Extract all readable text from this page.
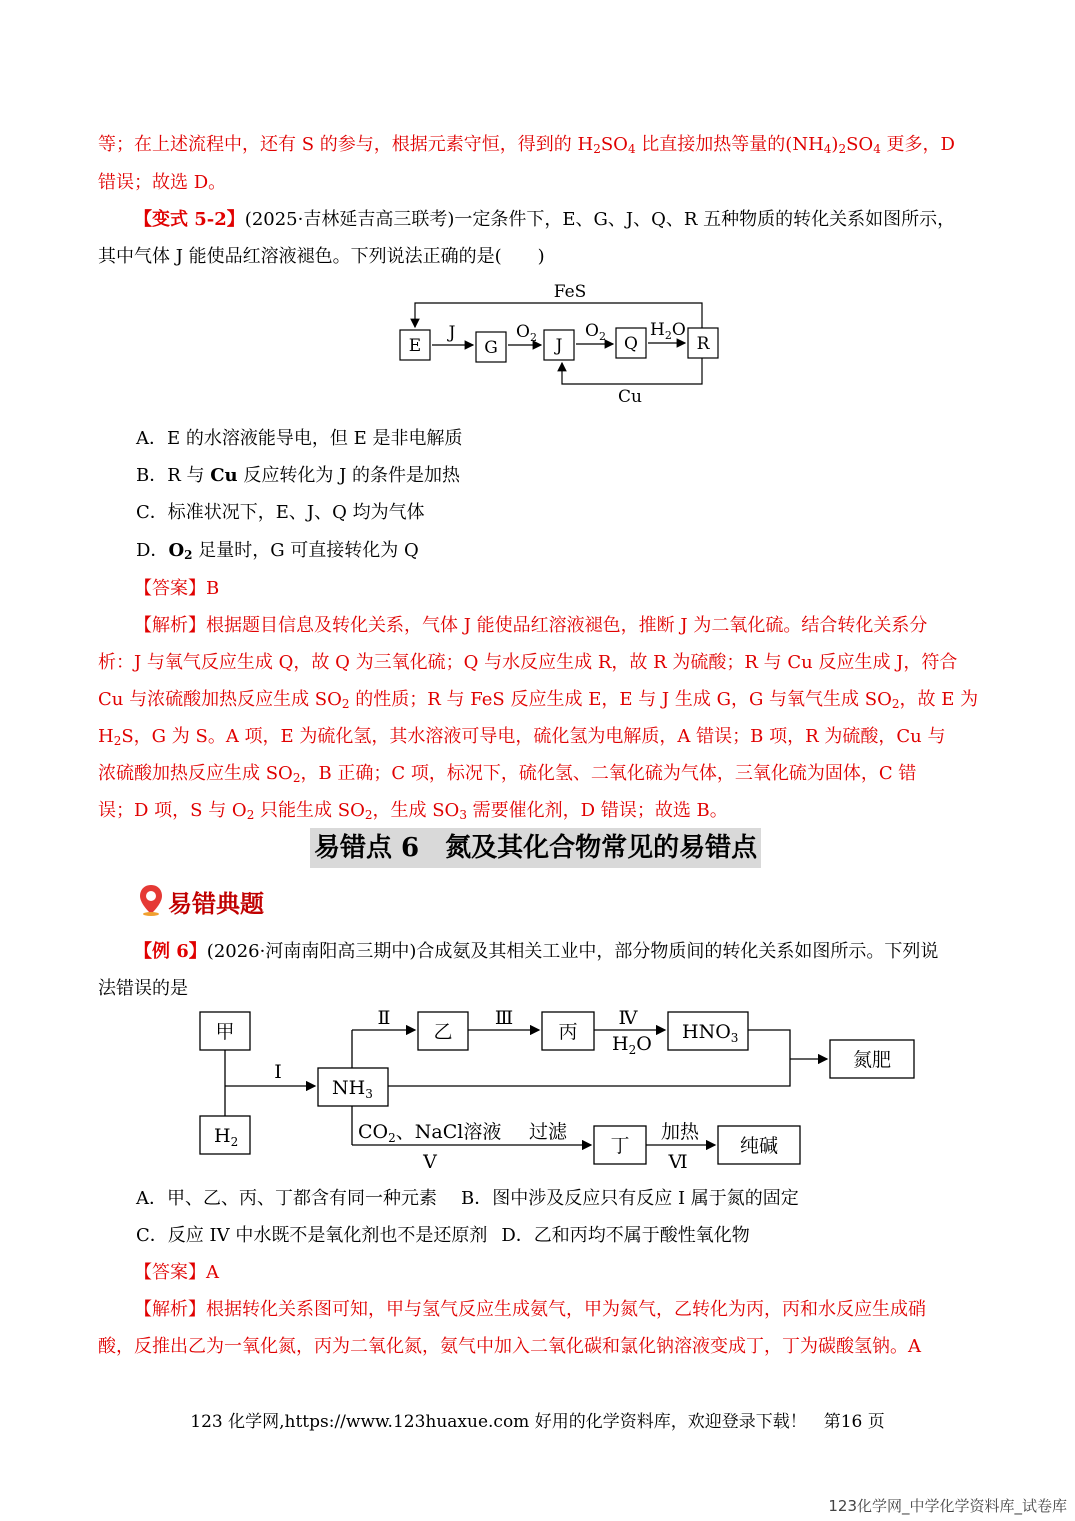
等；在上述流程中，还有 S 的参与，根据元素守恒，得到的 $H_2SO_4$ 比直接加热等量的$(NH_4)_2SO_4$ 更多，D
错误；故选 D。
【变式 5-2】(2025·吉林延吉高三联考)一定条件下，E、G、J、Q、R 五种物质的转化关系如图所示，
其中气体 J 能使品红溶液褪色。下列说法正确的是(　　)
E	G	J	Q	R
J	$O_2$	$O_2$	$H_2O$
FeS
Cu
A．E 的水溶液能导电，但 E 是非电解质
B．R 与 Cu 反应转化为 J 的条件是加热
C．标准状况下，E、J、Q 均为气体
D．$O_2$ 足量时，G 可直接转化为 Q
【答案】B
【解析】根据题目信息及转化关系，气体 J 能使品红溶液褪色，推断 J 为二氧化硫。结合转化关系分
析：J 与氧气反应生成 Q，故 Q 为三氧化硫；Q 与水反应生成 R，故 R 为硫酸；R 与 Cu 反应生成 J，符合
Cu 与浓硫酸加热反应生成 $SO_2$ 的性质；R 与 FeS 反应生成 E，E 与 J 生成 G，G 与氧气生成 $SO_2$，故 E 为
$H_2S$，G 为 S。A 项，E 为硫化氢，其水溶液可导电，硫化氢为电解质，A 错误；B 项，R 为硫酸，Cu 与
浓硫酸加热反应生成 $SO_2$，B 正确；C 项，标况下，硫化氢、二氧化硫为气体，三氧化硫为固体，C 错
误；D 项，S 与 $O_2$ 只能生成 $SO_2$，生成 $SO_3$ 需要催化剂，D 错误；故选 B。
易错点 6　氮及其化合物常见的易错点
易错典题
【例 6】(2026·河南南阳高三期中)合成氨及其相关工业中，部分物质间的转化关系如图所示。下列说
法错误的是
甲
$H_2$
$NH_3$
乙	丙	$HNO_3$
氮肥
丁	纯碱
I
Ⅱ	Ⅲ	Ⅳ
$H_2O$
$CO_2$、NaCl溶液
V
过滤	加热
Ⅵ
A．甲、乙、丙、丁都含有同一种元素 B．图中涉及反应只有反应 I 属于氮的固定
C．反应 IV 中水既不是氧化剂也不是还原剂 D．乙和丙均不属于酸性氧化物
【答案】A
【解析】根据转化关系图可知，甲与氢气反应生成氨气，甲为氮气，乙转化为丙，丙和水反应生成硝
酸，反推出乙为一氧化氮，丙为二氧化氮，氨气中加入二氧化碳和氯化钠溶液变成丁，丁为碳酸氢钠。A
123 化学网,https://www.123huaxue.com 好用的化学资料库，欢迎登录下载！　第16 页
123化学网_中学化学资料库_试卷库
